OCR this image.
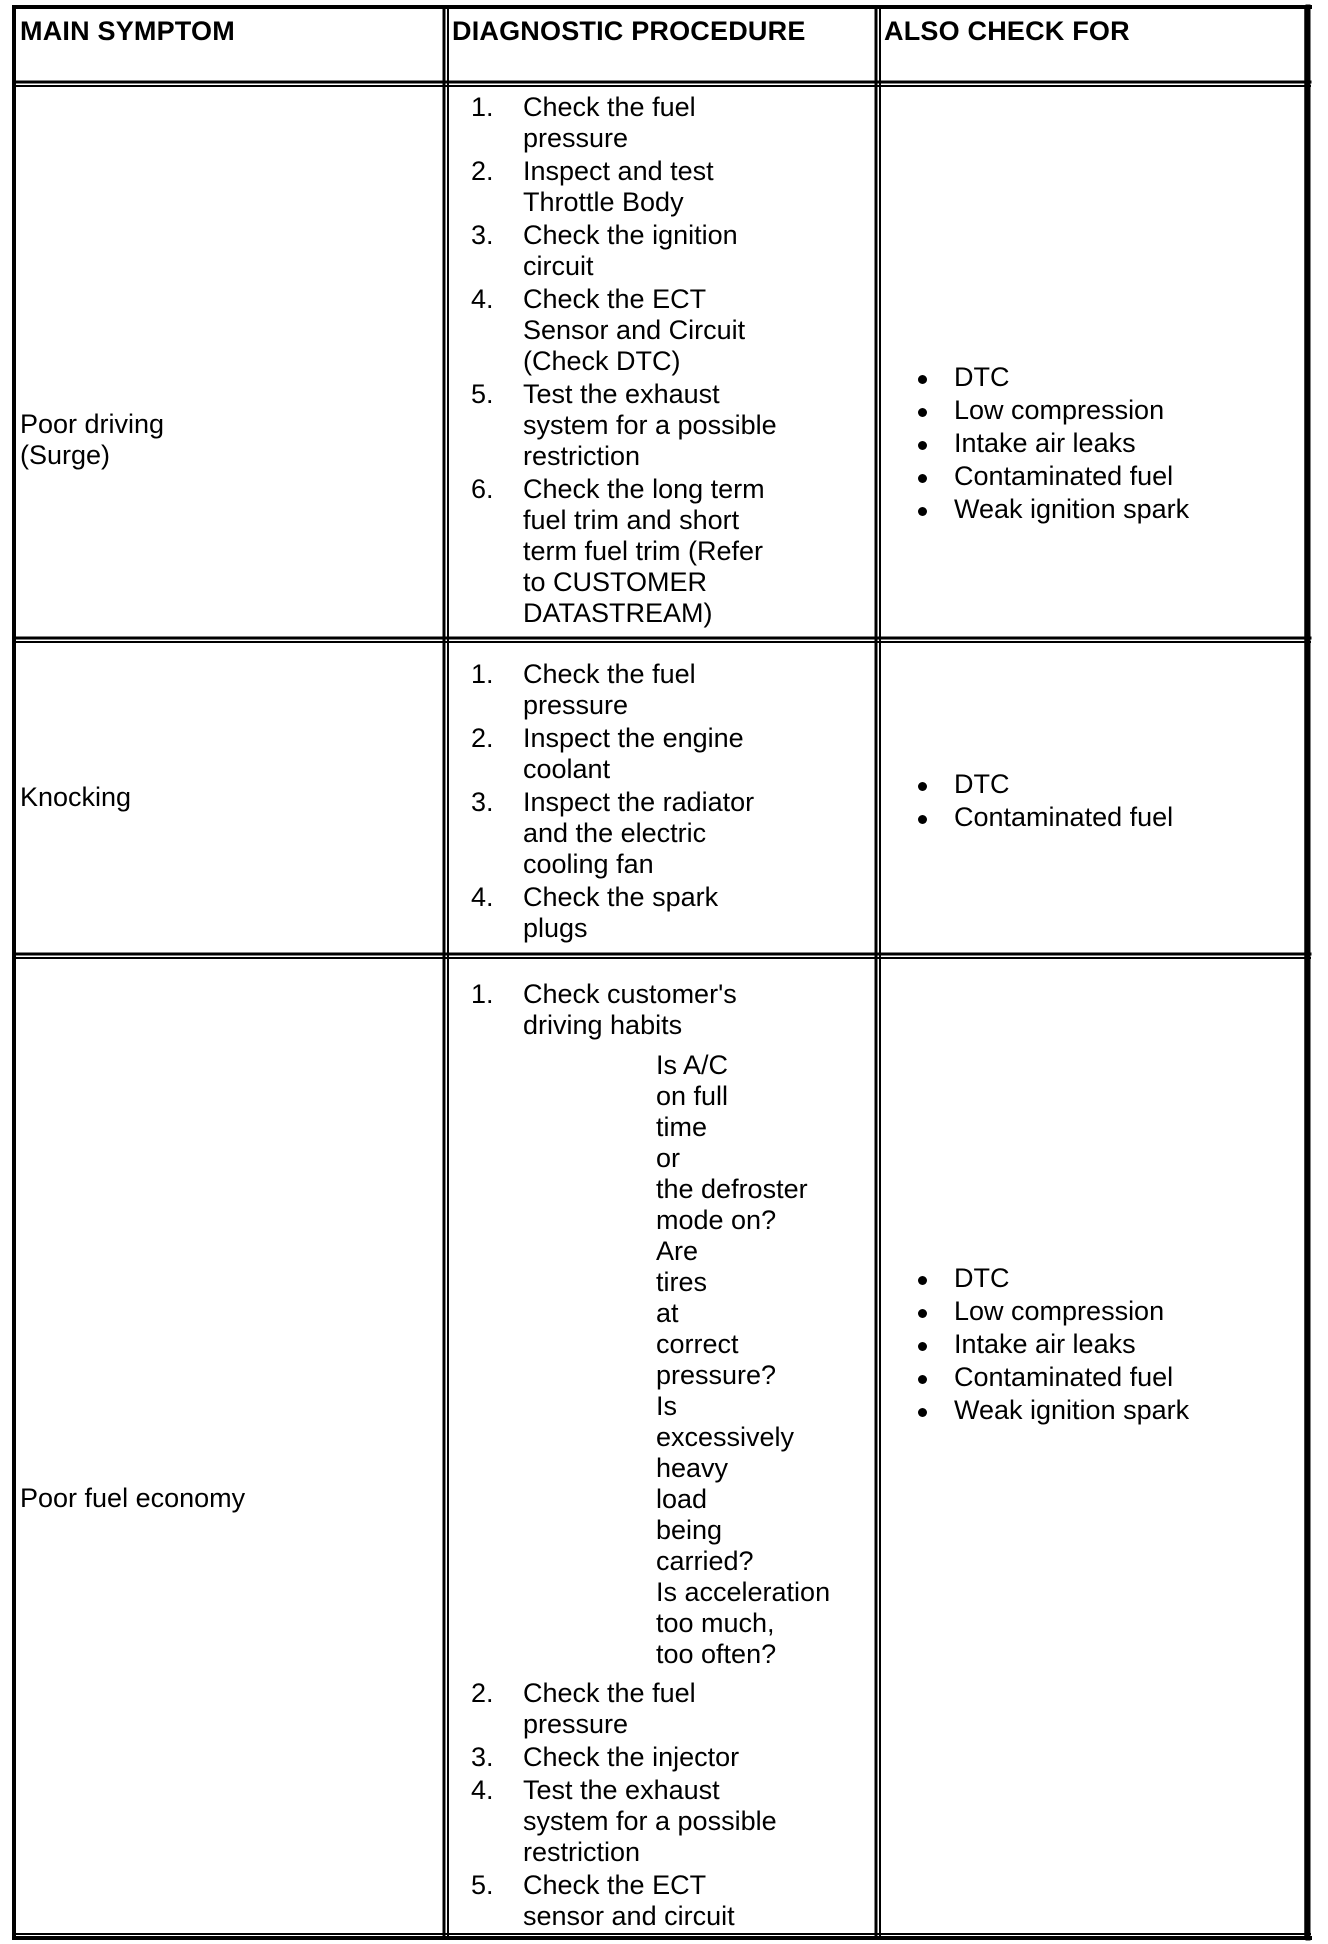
MAIN SYMPTOM	DIAGNOSTIC PROCEDURE	ALSO CHECK FOR
Poor driving
(Surge)
1. Check the fuel
pressure
2. Inspect and test
Throttle Body
3. Check the ignition
circuit
4. Check the ECT
Sensor and Circuit
(Check DTC)
5. Test the exhaust
system for a possible
restriction
6. Check the long term
fuel trim and short
term fuel trim (Refer
to CUSTOMER
DATASTREAM)
DTC
Low compression
Intake air leaks
Contaminated fuel
Weak ignition spark
Knocking
1. Check the fuel
pressure
2. Inspect the engine
coolant
3. Inspect the radiator
and the electric
cooling fan
4. Check the spark
plugs
DTC
Contaminated fuel
Poor fuel economy
1. Check customer's
driving habits
Is A/C
on full
time
or
the defroster
mode on?
Are
tires
at
correct
pressure?
Is
excessively
heavy
load
being
carried?
Is acceleration
too much,
too often?
2. Check the fuel
pressure
3. Check the injector
4. Test the exhaust
system for a possible
restriction
5. Check the ECT
sensor and circuit
DTC
Low compression
Intake air leaks
Contaminated fuel
Weak ignition spark
